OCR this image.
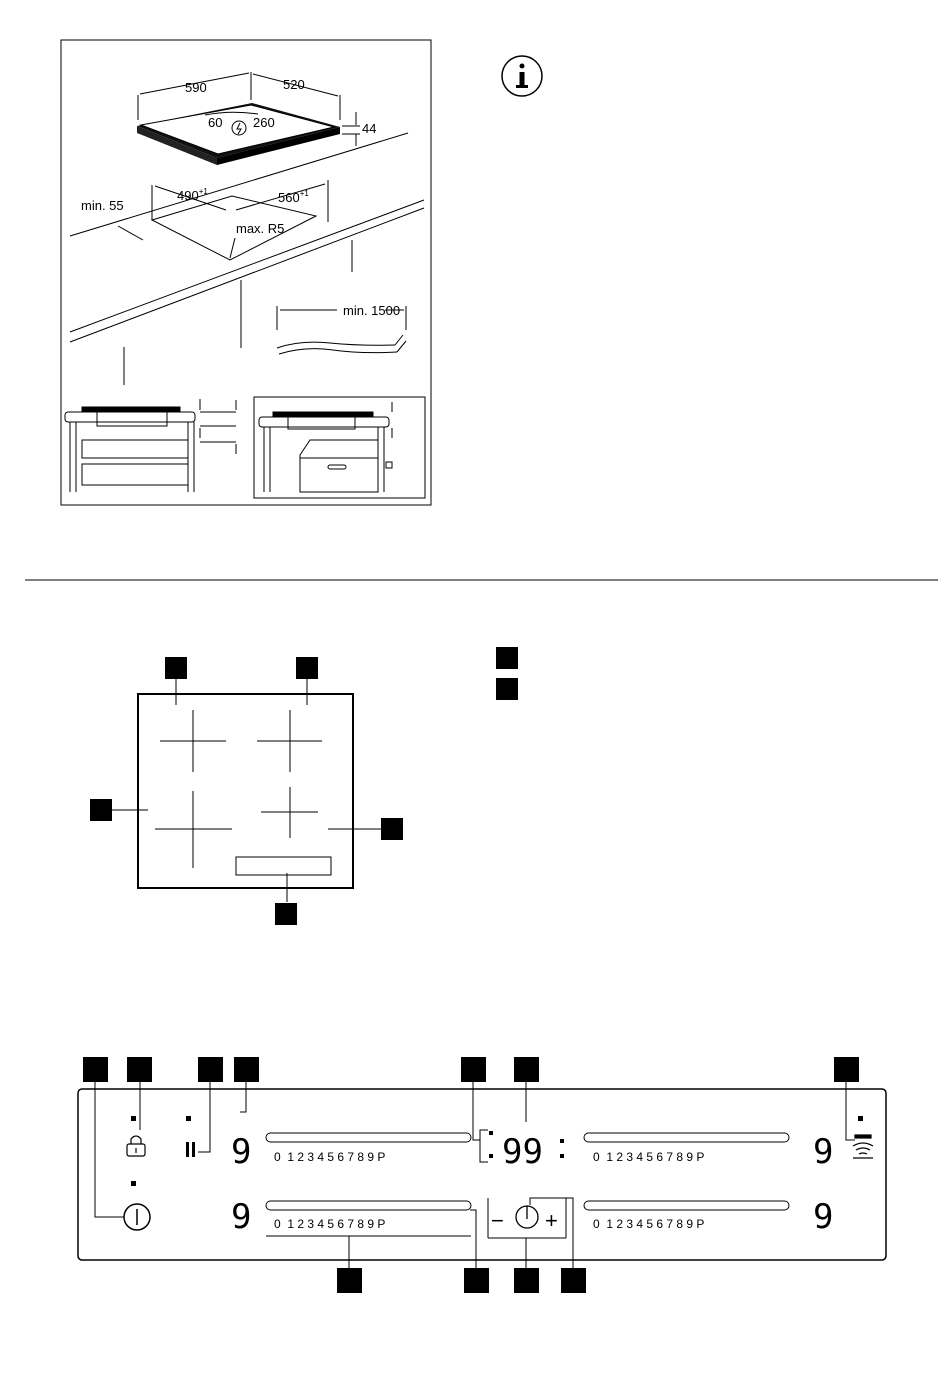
590	520
60 260	44
$490^{+1}$	$560^{+1}$
min. 55
max. R5
min. 1500
9
9
9
9
0  1 2 3 4 5 6 7 8 9 P	0  1 2 3 4 5 6 7 8 9 P
0  1 2 3 4 5 6 7 8 9 P	0  1 2 3 4 5 6 7 8 9 P
99
− +
